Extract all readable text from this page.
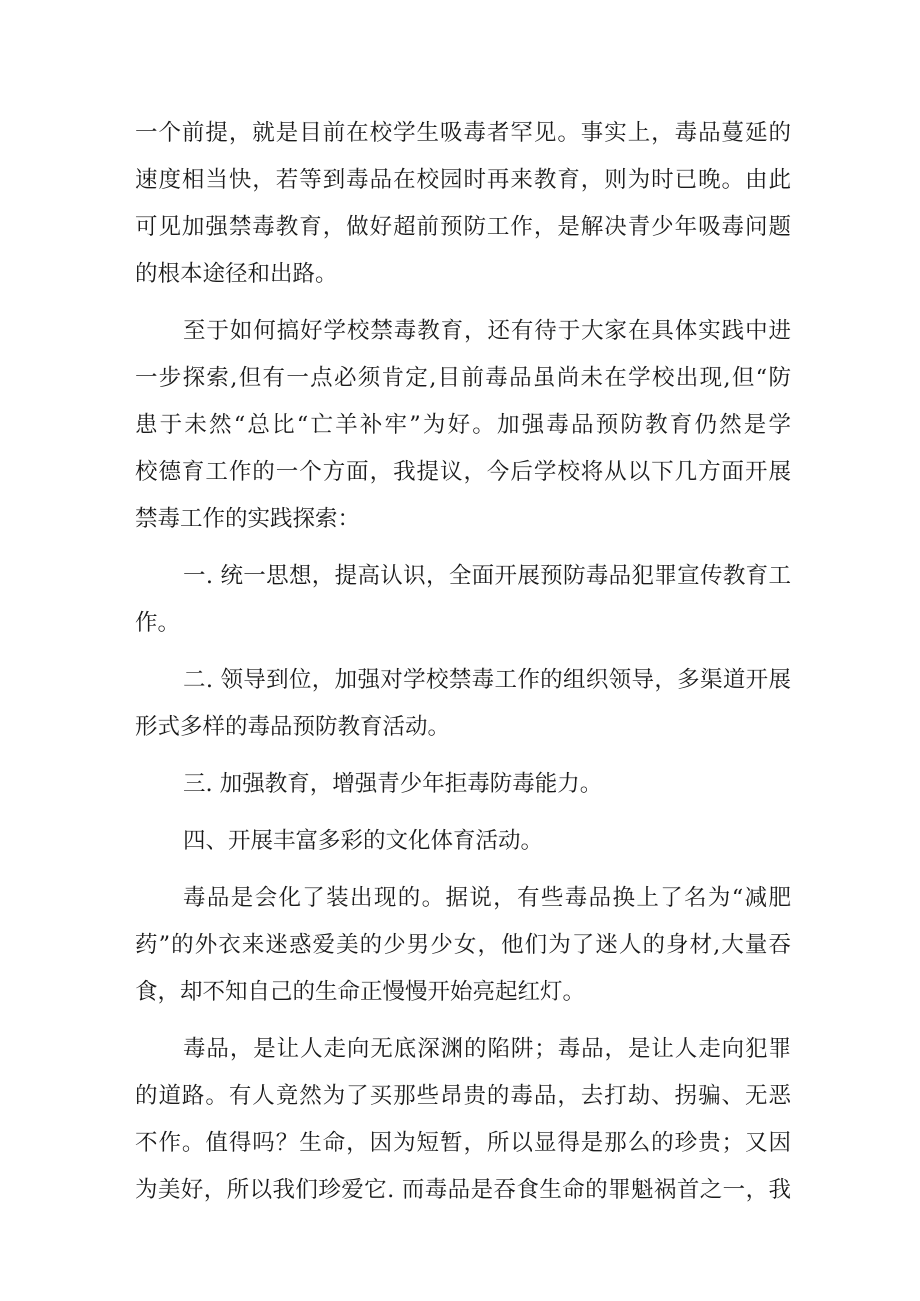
一个前提，就是目前在校学生吸毒者罕见。事实上，毒品蔓延的
速度相当快，若等到毒品在校园时再来教育，则为时已晚。由此
可见加强禁毒教育，做好超前预防工作，是解决青少年吸毒问题
的根本途径和出路。
至于如何搞好学校禁毒教育，还有待于大家在具体实践中进
一步探索,但有一点必须肯定,目前毒品虽尚未在学校出现,但“防
患于未然“总比“亡羊补牢”为好。加强毒品预防教育仍然是学
校德育工作的一个方面，我提议，今后学校将从以下几方面开展
禁毒工作的实践探索：
一. 统一思想，提高认识，全面开展预防毒品犯罪宣传教育工
作。
二. 领导到位，加强对学校禁毒工作的组织领导，多渠道开展
形式多样的毒品预防教育活动。
三. 加强教育，增强青少年拒毒防毒能力。
四、开展丰富多彩的文化体育活动。
毒品是会化了装出现的。据说，有些毒品换上了名为“减肥
药”的外衣来迷惑爱美的少男少女，他们为了迷人的身材,大量吞
食，却不知自己的生命正慢慢开始亮起红灯。
毒品，是让人走向无底深渊的陷阱；毒品，是让人走向犯罪
的道路。有人竟然为了买那些昂贵的毒品，去打劫、拐骗、无恶
不作。值得吗？生命，因为短暂，所以显得是那么的珍贵；又因
为美好，所以我们珍爱它. 而毒品是吞食生命的罪魁祸首之一，我
